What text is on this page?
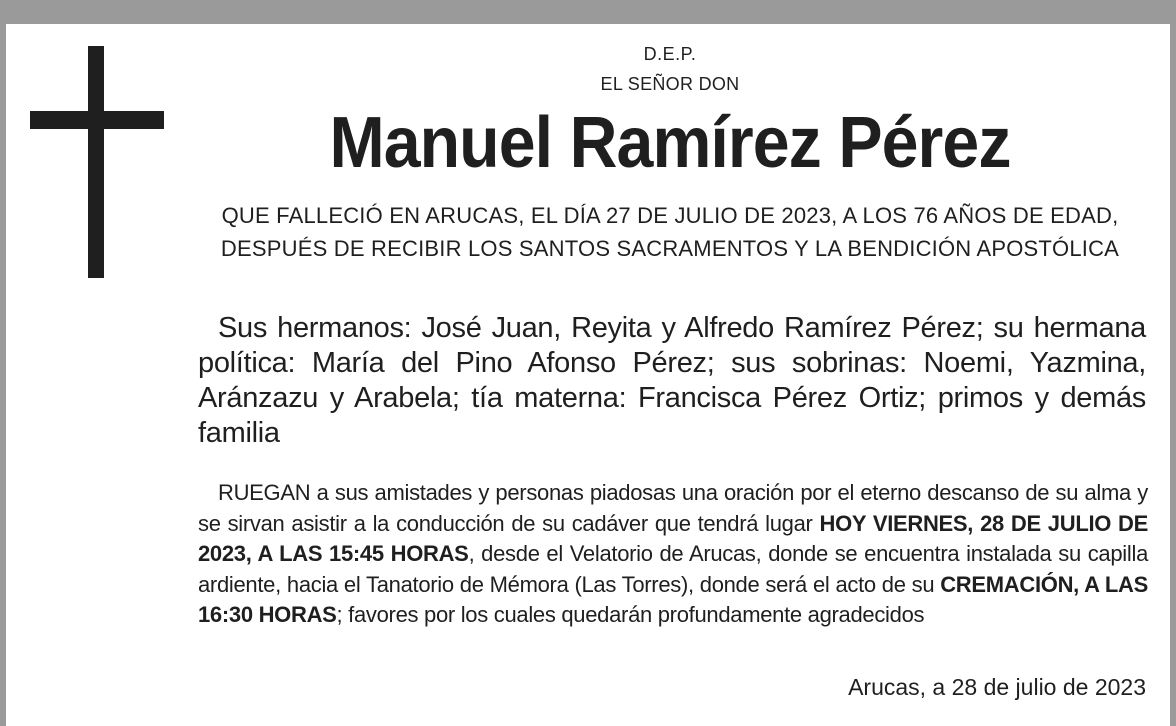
D.E.P.
EL SEÑOR DON
Manuel Ramírez Pérez
QUE FALLECIÓ EN ARUCAS, EL DÍA 27 DE JULIO DE 2023, A LOS 76 AÑOS DE EDAD, DESPUÉS DE RECIBIR LOS SANTOS SACRAMENTOS Y LA BENDICIÓN APOSTÓLICA
Sus hermanos: José Juan, Reyita y Alfredo Ramírez Pérez; su hermana política: María del Pino Afonso Pérez; sus sobrinas: Noemi, Yazmina, Aránzazu y Arabela; tía materna: Francisca Pérez Ortiz; primos y demás familia
RUEGAN a sus amistades y personas piadosas una oración por el eterno descanso de su alma y se sirvan asistir a la conducción de su cadáver que tendrá lugar HOY VIERNES, 28 DE JULIO DE 2023, A LAS 15:45 HORAS, desde el Velatorio de Arucas, donde se encuentra instalada su capilla ardiente, hacia el Tanatorio de Mémora (Las Torres), donde será el acto de su CREMACIÓN, A LAS 16:30 HORAS; favores por los cuales quedarán profundamente agradecidos
Arucas, a 28 de julio de 2023
